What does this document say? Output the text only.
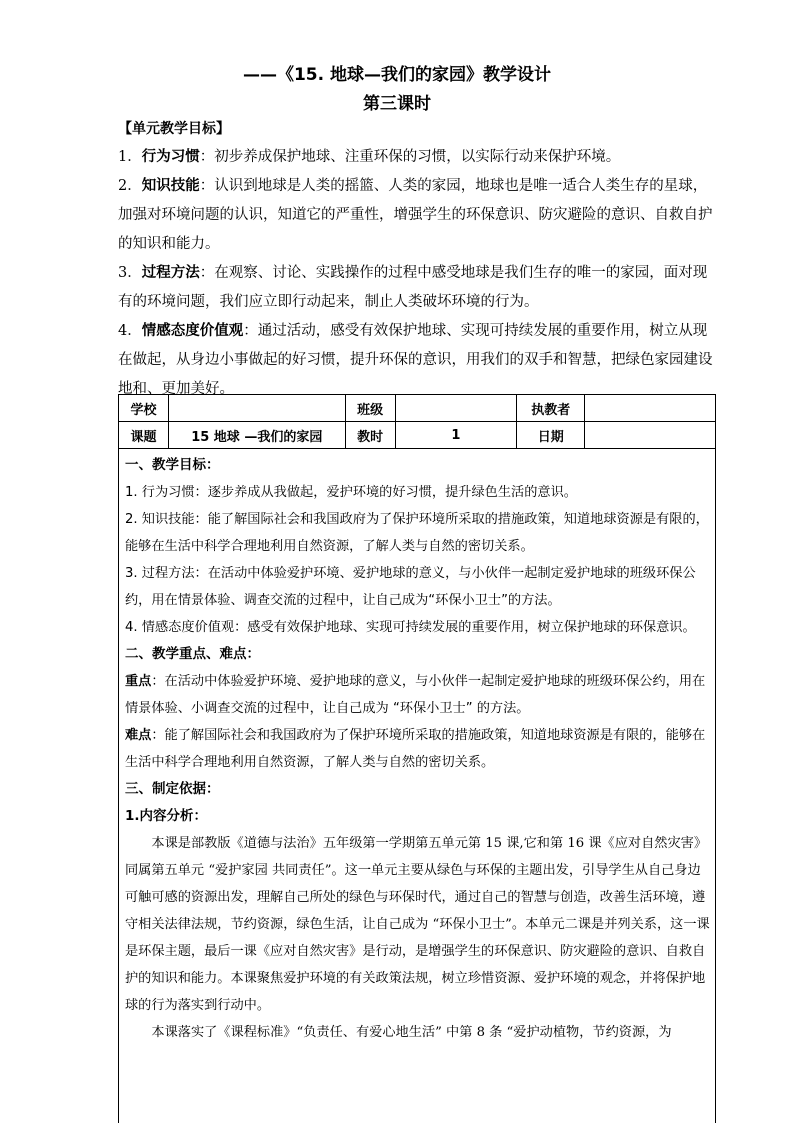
——《15. 地球—我们的家园》教学设计
第三课时
【单元教学目标】

1．行为习惯：初步养成保护地球、注重环保的习惯，以实际行动来保护环境。

2．知识技能：认识到地球是人类的摇篮、人类的家园，地球也是唯一适合人类生存的星球，加强对环境问题的认识，知道它的严重性，增强学生的环保意识、防灾避险的意识、自救自护的知识和能力。

3．过程方法：在观察、讨论、实践操作的过程中感受地球是我们生存的唯一的家园，面对现有的环境问题，我们应立即行动起来，制止人类破坏环境的行为。

4．情感态度价值观：通过活动，感受有效保护地球、实现可持续发展的重要作用，树立从现在做起，从身边小事做起的好习惯，提升环保的意识，用我们的双手和智慧，把绿色家园建设地和、更加美好。

学校		班级		执教者	
课题	15 地球 —我们的家园	教时	1	日期	

一、教学目标：

1. 行为习惯：逐步养成从我做起，爱护环境的好习惯，提升绿色生活的意识。

2. 知识技能：能了解国际社会和我国政府为了保护环境所采取的措施政策，知道地球资源是有限的，能够在生活中科学合理地利用自然资源，了解人类与自然的密切关系。

3. 过程方法：在活动中体验爱护环境、爱护地球的意义，与小伙伴一起制定爱护地球的班级环保公约，用在情景体验、调查交流的过程中，让自己成为“环保小卫士”的方法。

4. 情感态度价值观：感受有效保护地球、实现可持续发展的重要作用，树立保护地球的环保意识。

二、教学重点、难点：

重点：在活动中体验爱护环境、爱护地球的意义，与小伙伴一起制定爱护地球的班级环保公约，用在情景体验、小调查交流的过程中，让自己成为 “环保小卫士” 的方法。

难点：能了解国际社会和我国政府为了保护环境所采取的措施政策，知道地球资源是有限的，能够在生活中科学合理地利用自然资源，了解人类与自然的密切关系。

三、制定依据：

1.内容分析：

本课是部教版《道德与法治》五年级第一学期第五单元第 15 课,它和第 16 课《应对自然灾害》同属第五单元 “爱护家园 共同责任”。这一单元主要从绿色与环保的主题出发，引导学生从自己身边可触可感的资源出发，理解自己所处的绿色与环保时代，通过自己的智慧与创造，改善生活环境，遵守相关法律法规，节约资源，绿色生活，让自己成为 “环保小卫士”。本单元二课是并列关系，这一课是环保主题，最后一课《应对自然灾害》是行动，是增强学生的环保意识、防灾避险的意识、自救自护的知识和能力。本课聚焦爱护环境的有关政策法规，树立珍惜资源、爱护环境的观念，并将保护地球的行为落实到行动中。

本课落实了《课程标准》“负责任、有爱心地生活” 中第 8 条 “爱护动植物，节约资源，为
